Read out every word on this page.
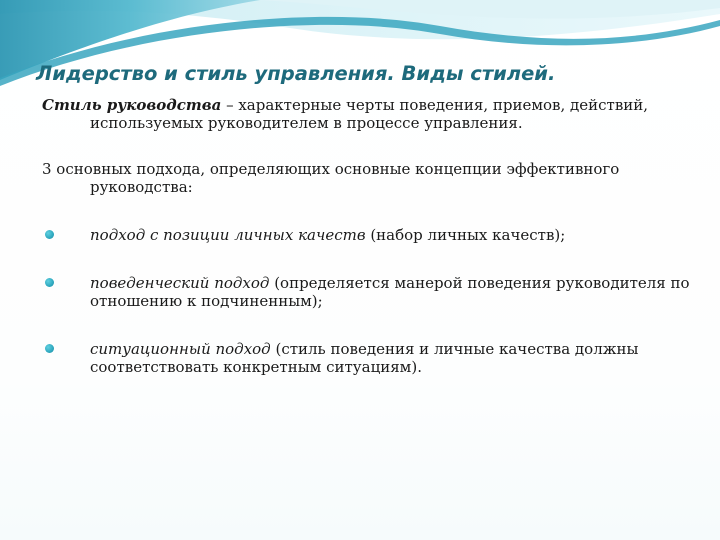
Лидерство и стиль управления. Виды стилей.

Стиль руководства – характерные черты поведения, приемов, действий, используемых руководителем в процессе управления.

3 основных подхода, определяющих основные концепции эффективного руководства:

подход с позиции личных качеств (набор личных качеств);
поведенческий подход (определяется манерой поведения руководителя по отношению к подчиненным);
ситуационный подход (стиль поведения и личные качества должны соответствовать конкретным ситуациям).
